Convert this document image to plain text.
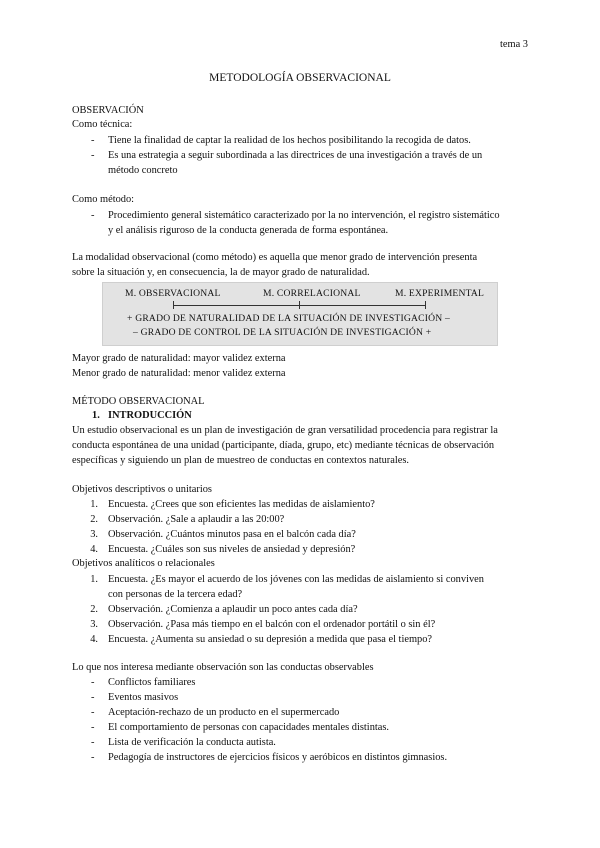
tema 3
METODOLOGÍA OBSERVACIONAL
OBSERVACIÓN
Como técnica:
- Tiene la finalidad de captar la realidad de los hechos posibilitando la recogida de datos.
- Es una estrategia a seguir subordinada a las directrices de una investigación a través de un
método concreto
Como método:
- Procedimiento general sistemático caracterizado por la no intervención, el registro sistemático
y el análisis riguroso de la conducta generada de forma espontánea.
La modalidad observacional (como método) es aquella que menor grado de intervención presenta
sobre la situación y, en consecuencia, la de mayor grado de naturalidad.
M. OBSERVACIONAL	M. CORRELACIONAL	M. EXPERIMENTAL
+ GRADO DE NATURALIDAD DE LA SITUACIÓN DE INVESTIGACIÓN –
– GRADO DE CONTROL DE LA SITUACIÓN DE INVESTIGACIÓN +
Mayor grado de naturalidad: mayor validez externa
Menor grado de naturalidad: menor validez externa
MÉTODO OBSERVACIONAL
1. INTRODUCCIÓN
Un estudio observacional es un plan de investigación de gran versatilidad procedencia para registrar la
conducta espontánea de una unidad (participante, díada, grupo, etc) mediante técnicas de observación
específicas y siguiendo un plan de muestreo de conductas en contextos naturales.
Objetivos descriptivos o unitarios
1. Encuesta. ¿Crees que son eficientes las medidas de aislamiento?
2. Observación. ¿Sale a aplaudir a las 20:00?
3. Observación. ¿Cuántos minutos pasa en el balcón cada día?
4. Encuesta. ¿Cuáles son sus niveles de ansiedad y depresión?
Objetivos analíticos o relacionales
1. Encuesta. ¿Es mayor el acuerdo de los jóvenes con las medidas de aislamiento si conviven
con personas de la tercera edad?
2. Observación. ¿Comienza a aplaudir un poco antes cada día?
3. Observación. ¿Pasa más tiempo en el balcón con el ordenador portátil o sin él?
4. Encuesta. ¿Aumenta su ansiedad o su depresión a medida que pasa el tiempo?
Lo que nos interesa mediante observación son las conductas observables
- Conflictos familiares
- Eventos masivos
- Aceptación-rechazo de un producto en el supermercado
- El comportamiento de personas con capacidades mentales distintas.
- Lista de verificación la conducta autista.
- Pedagogía de instructores de ejercicios físicos y aeróbicos en distintos gimnasios.
